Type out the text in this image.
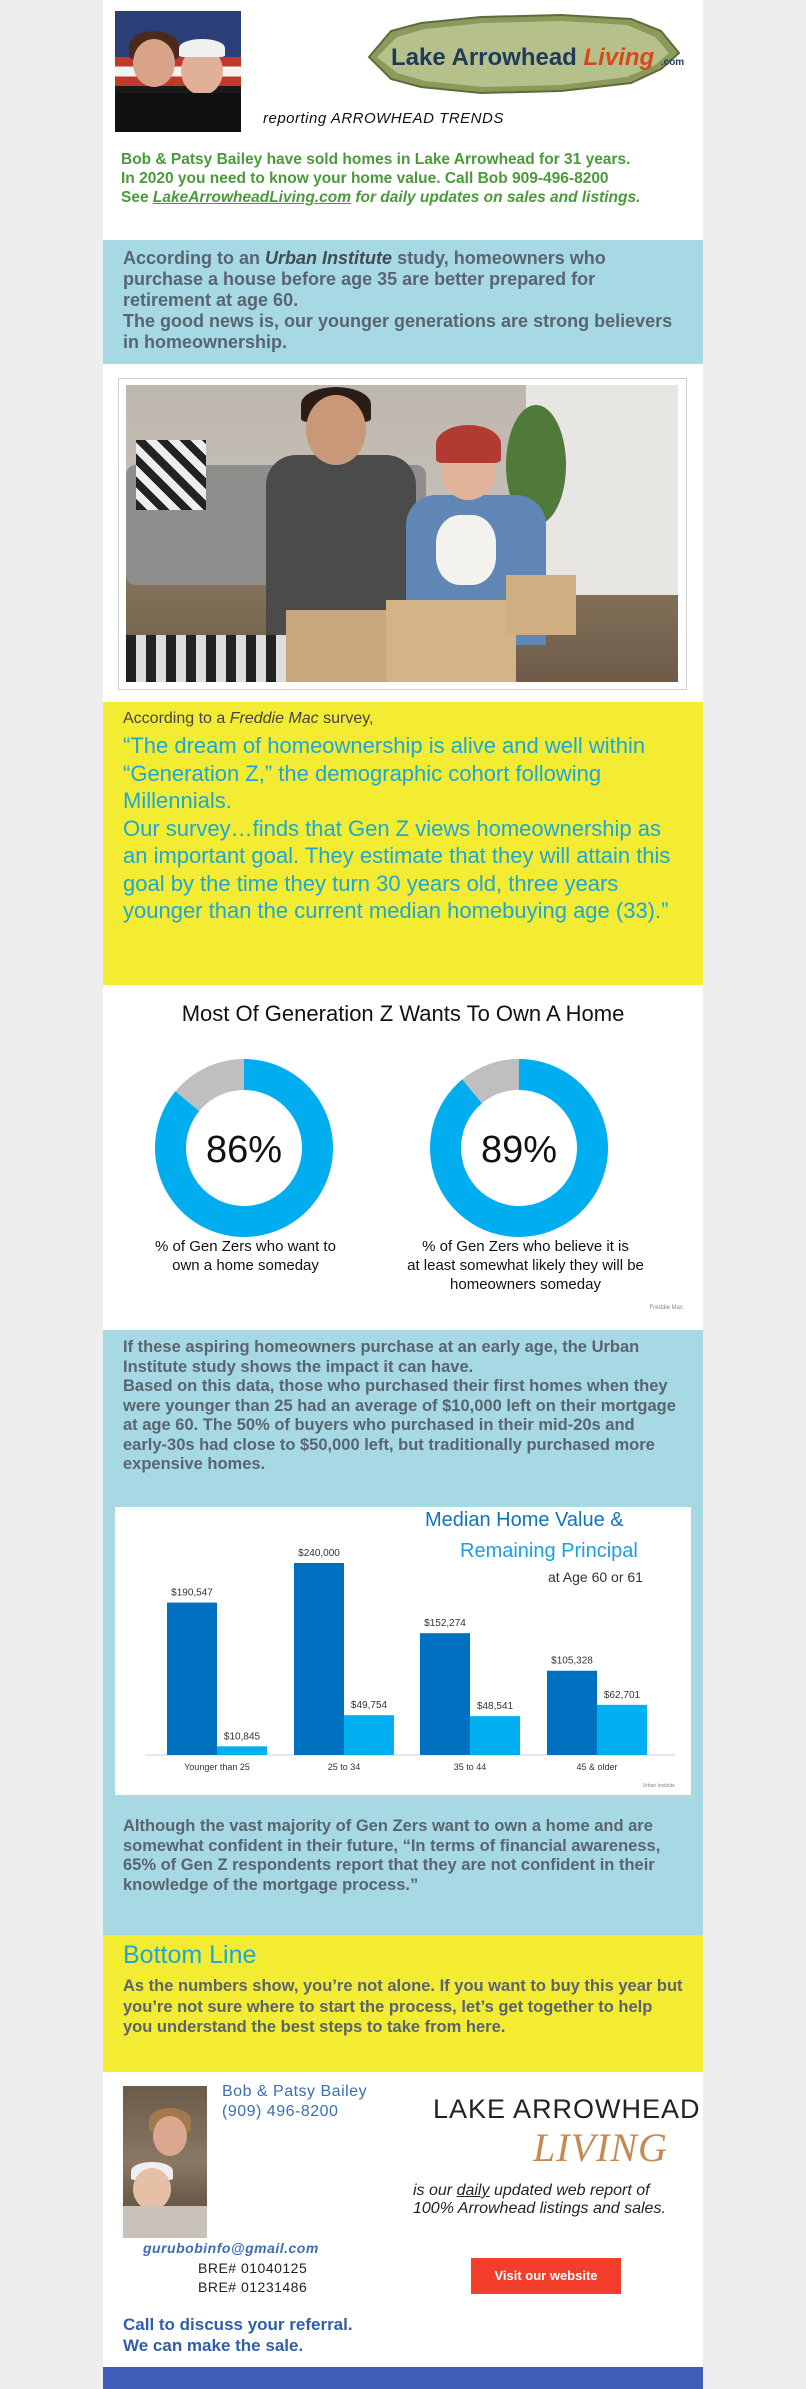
Lake Arrowhead Living .com
reporting ARROWHEAD TRENDS
Bob & Patsy Bailey have sold homes in Lake Arrowhead for 31 years.
In 2020 you need to know your home value. Call Bob 909-496-8200
See LakeArrowheadLiving.com for daily updates on sales and listings.
According to an Urban Institute study, homeowners who purchase a house before age 35 are better prepared for retirement at age 60.
The good news is, our younger generations are strong believers in homeownership.
According to a Freddie Mac survey,
“The dream of homeownership is alive and well within “Generation Z,” the demographic cohort following Millennials.
Our survey…finds that Gen Z views homeownership as an important goal. They estimate that they will attain this goal by the time they turn 30 years old, three years younger than the current median homebuying age (33).”
Most Of Generation Z Wants To Own A Home
86%	89%
% of Gen Zers who want to
own a home someday
% of Gen Zers who believe it is
at least somewhat likely they will be
homeowners someday
Freddie Mac
If these aspiring homeowners purchase at an early age, the Urban Institute study shows the impact it can have.
Based on this data, those who purchased their first homes when they were younger than 25 had an average of $10,000 left on their mortgage at age 60. The 50% of buyers who purchased in their mid-20s and early-30s had close to $50,000 left, but traditionally purchased more expensive homes.
Median Home Value &
Remaining Principal
at Age 60 or 61
$190,547
$10,845
Younger than 25
$240,000
$49,754
25 to 34
$152,274
$48,541
35 to 44
$105,328
$62,701
45 & older
Urban Institute
Although the vast majority of Gen Zers want to own a home and are somewhat confident in their future, “In terms of financial awareness, 65% of Gen Z respondents report that they are not confident in their knowledge of the mortgage process.”
Bottom Line
As the numbers show, you’re not alone. If you want to buy this year but you’re not sure where to start the process, let’s get together to help you understand the best steps to take from here.
Bob & Patsy Bailey
(909) 496-8200	LAKE ARROWHEAD
LIVING
is our daily updated web report of 100% Arrowhead listings and sales.
gurubobinfo@gmail.com
BRE# 01040125
BRE# 01231486
Visit our website
Call to discuss your referral.
We can make the sale.
